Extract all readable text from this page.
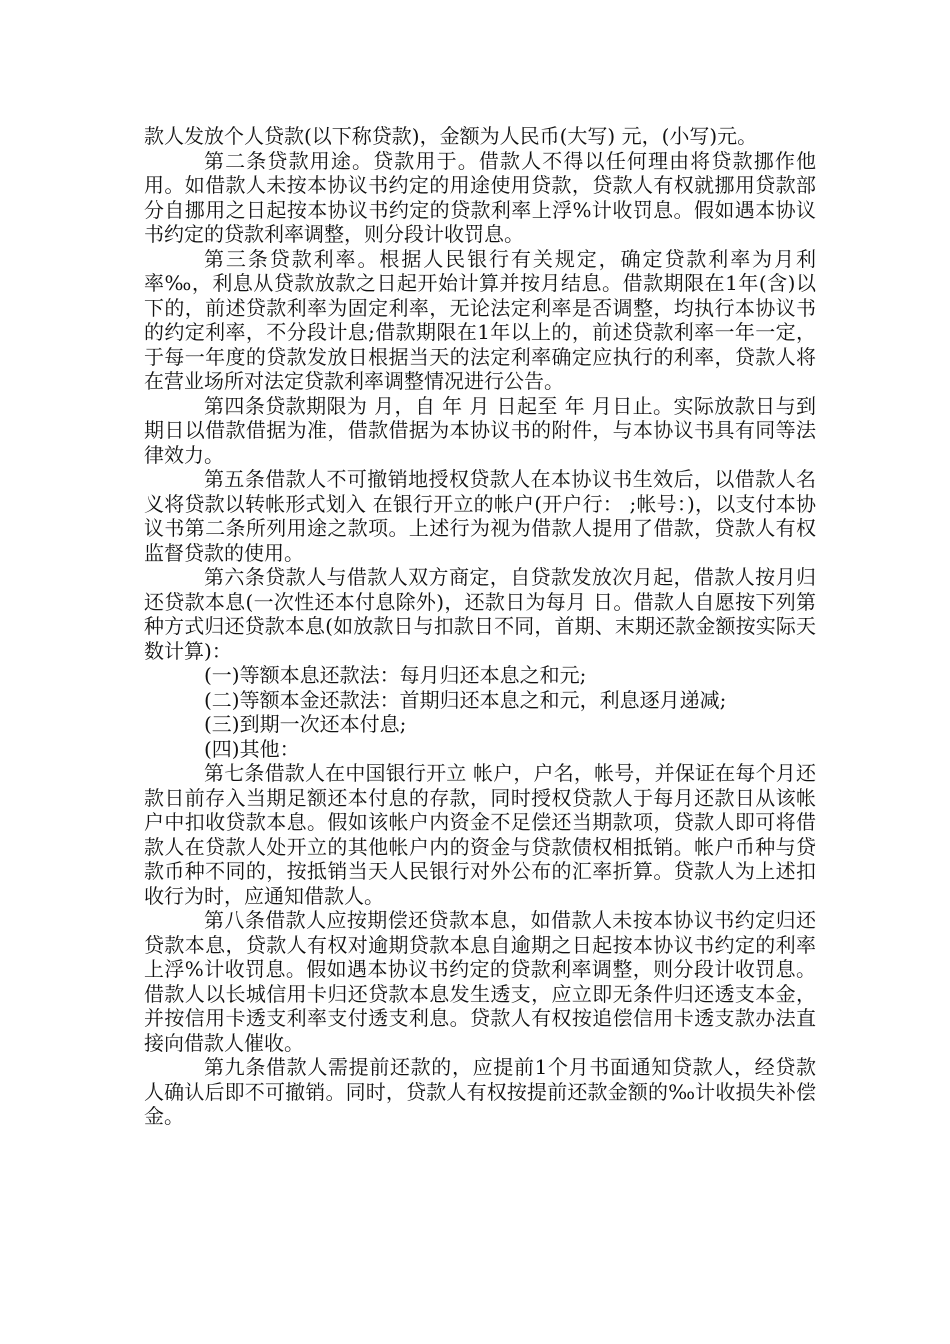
款人发放个人贷款(以下称贷款)，金额为人民币(大写) 元，(小写)元。

第二条贷款用途。贷款用于。借款人不得以任何理由将贷款挪作他用。如借款人未按本协议书约定的用途使用贷款，贷款人有权就挪用贷款部分自挪用之日起按本协议书约定的贷款利率上浮%计收罚息。假如遇本协议书约定的贷款利率调整，则分段计收罚息。

第三条贷款利率。根据人民银行有关规定，确定贷款利率为月利率‰，利息从贷款放款之日起开始计算并按月结息。借款期限在1年(含)以下的，前述贷款利率为固定利率，无论法定利率是否调整，均执行本协议书的约定利率，不分段计息;借款期限在1年以上的，前述贷款利率一年一定，于每一年度的贷款发放日根据当天的法定利率确定应执行的利率，贷款人将在营业场所对法定贷款利率调整情况进行公告。

第四条贷款期限为 月，自 年 月 日起至 年 月日止。实际放款日与到期日以借款借据为准，借款借据为本协议书的附件，与本协议书具有同等法律效力。

第五条借款人不可撤销地授权贷款人在本协议书生效后，以借款人名义将贷款以转帐形式划入 在银行开立的帐户(开户行： ;帐号：)，以支付本协议书第二条所列用途之款项。上述行为视为借款人提用了借款，贷款人有权监督贷款的使用。

第六条贷款人与借款人双方商定，自贷款发放次月起，借款人按月归还贷款本息(一次性还本付息除外)，还款日为每月 日。借款人自愿按下列第种方式归还贷款本息(如放款日与扣款日不同，首期、末期还款金额按实际天数计算)：

(一)等额本息还款法：每月归还本息之和元;

(二)等额本金还款法：首期归还本息之和元，利息逐月递减;

(三)到期一次还本付息;

(四)其他：

第七条借款人在中国银行开立 帐户，户名，帐号，并保证在每个月还款日前存入当期足额还本付息的存款，同时授权贷款人于每月还款日从该帐户中扣收贷款本息。假如该帐户内资金不足偿还当期款项，贷款人即可将借款人在贷款人处开立的其他帐户内的资金与贷款债权相抵销。帐户币种与贷款币种不同的，按抵销当天人民银行对外公布的汇率折算。贷款人为上述扣收行为时，应通知借款人。

第八条借款人应按期偿还贷款本息，如借款人未按本协议书约定归还贷款本息，贷款人有权对逾期贷款本息自逾期之日起按本协议书约定的利率上浮%计收罚息。假如遇本协议书约定的贷款利率调整，则分段计收罚息。借款人以长城信用卡归还贷款本息发生透支，应立即无条件归还透支本金，并按信用卡透支利率支付透支利息。贷款人有权按追偿信用卡透支款办法直接向借款人催收。

第九条借款人需提前还款的，应提前1个月书面通知贷款人，经贷款人确认后即不可撤销。同时，贷款人有权按提前还款金额的‰计收损失补偿金。
